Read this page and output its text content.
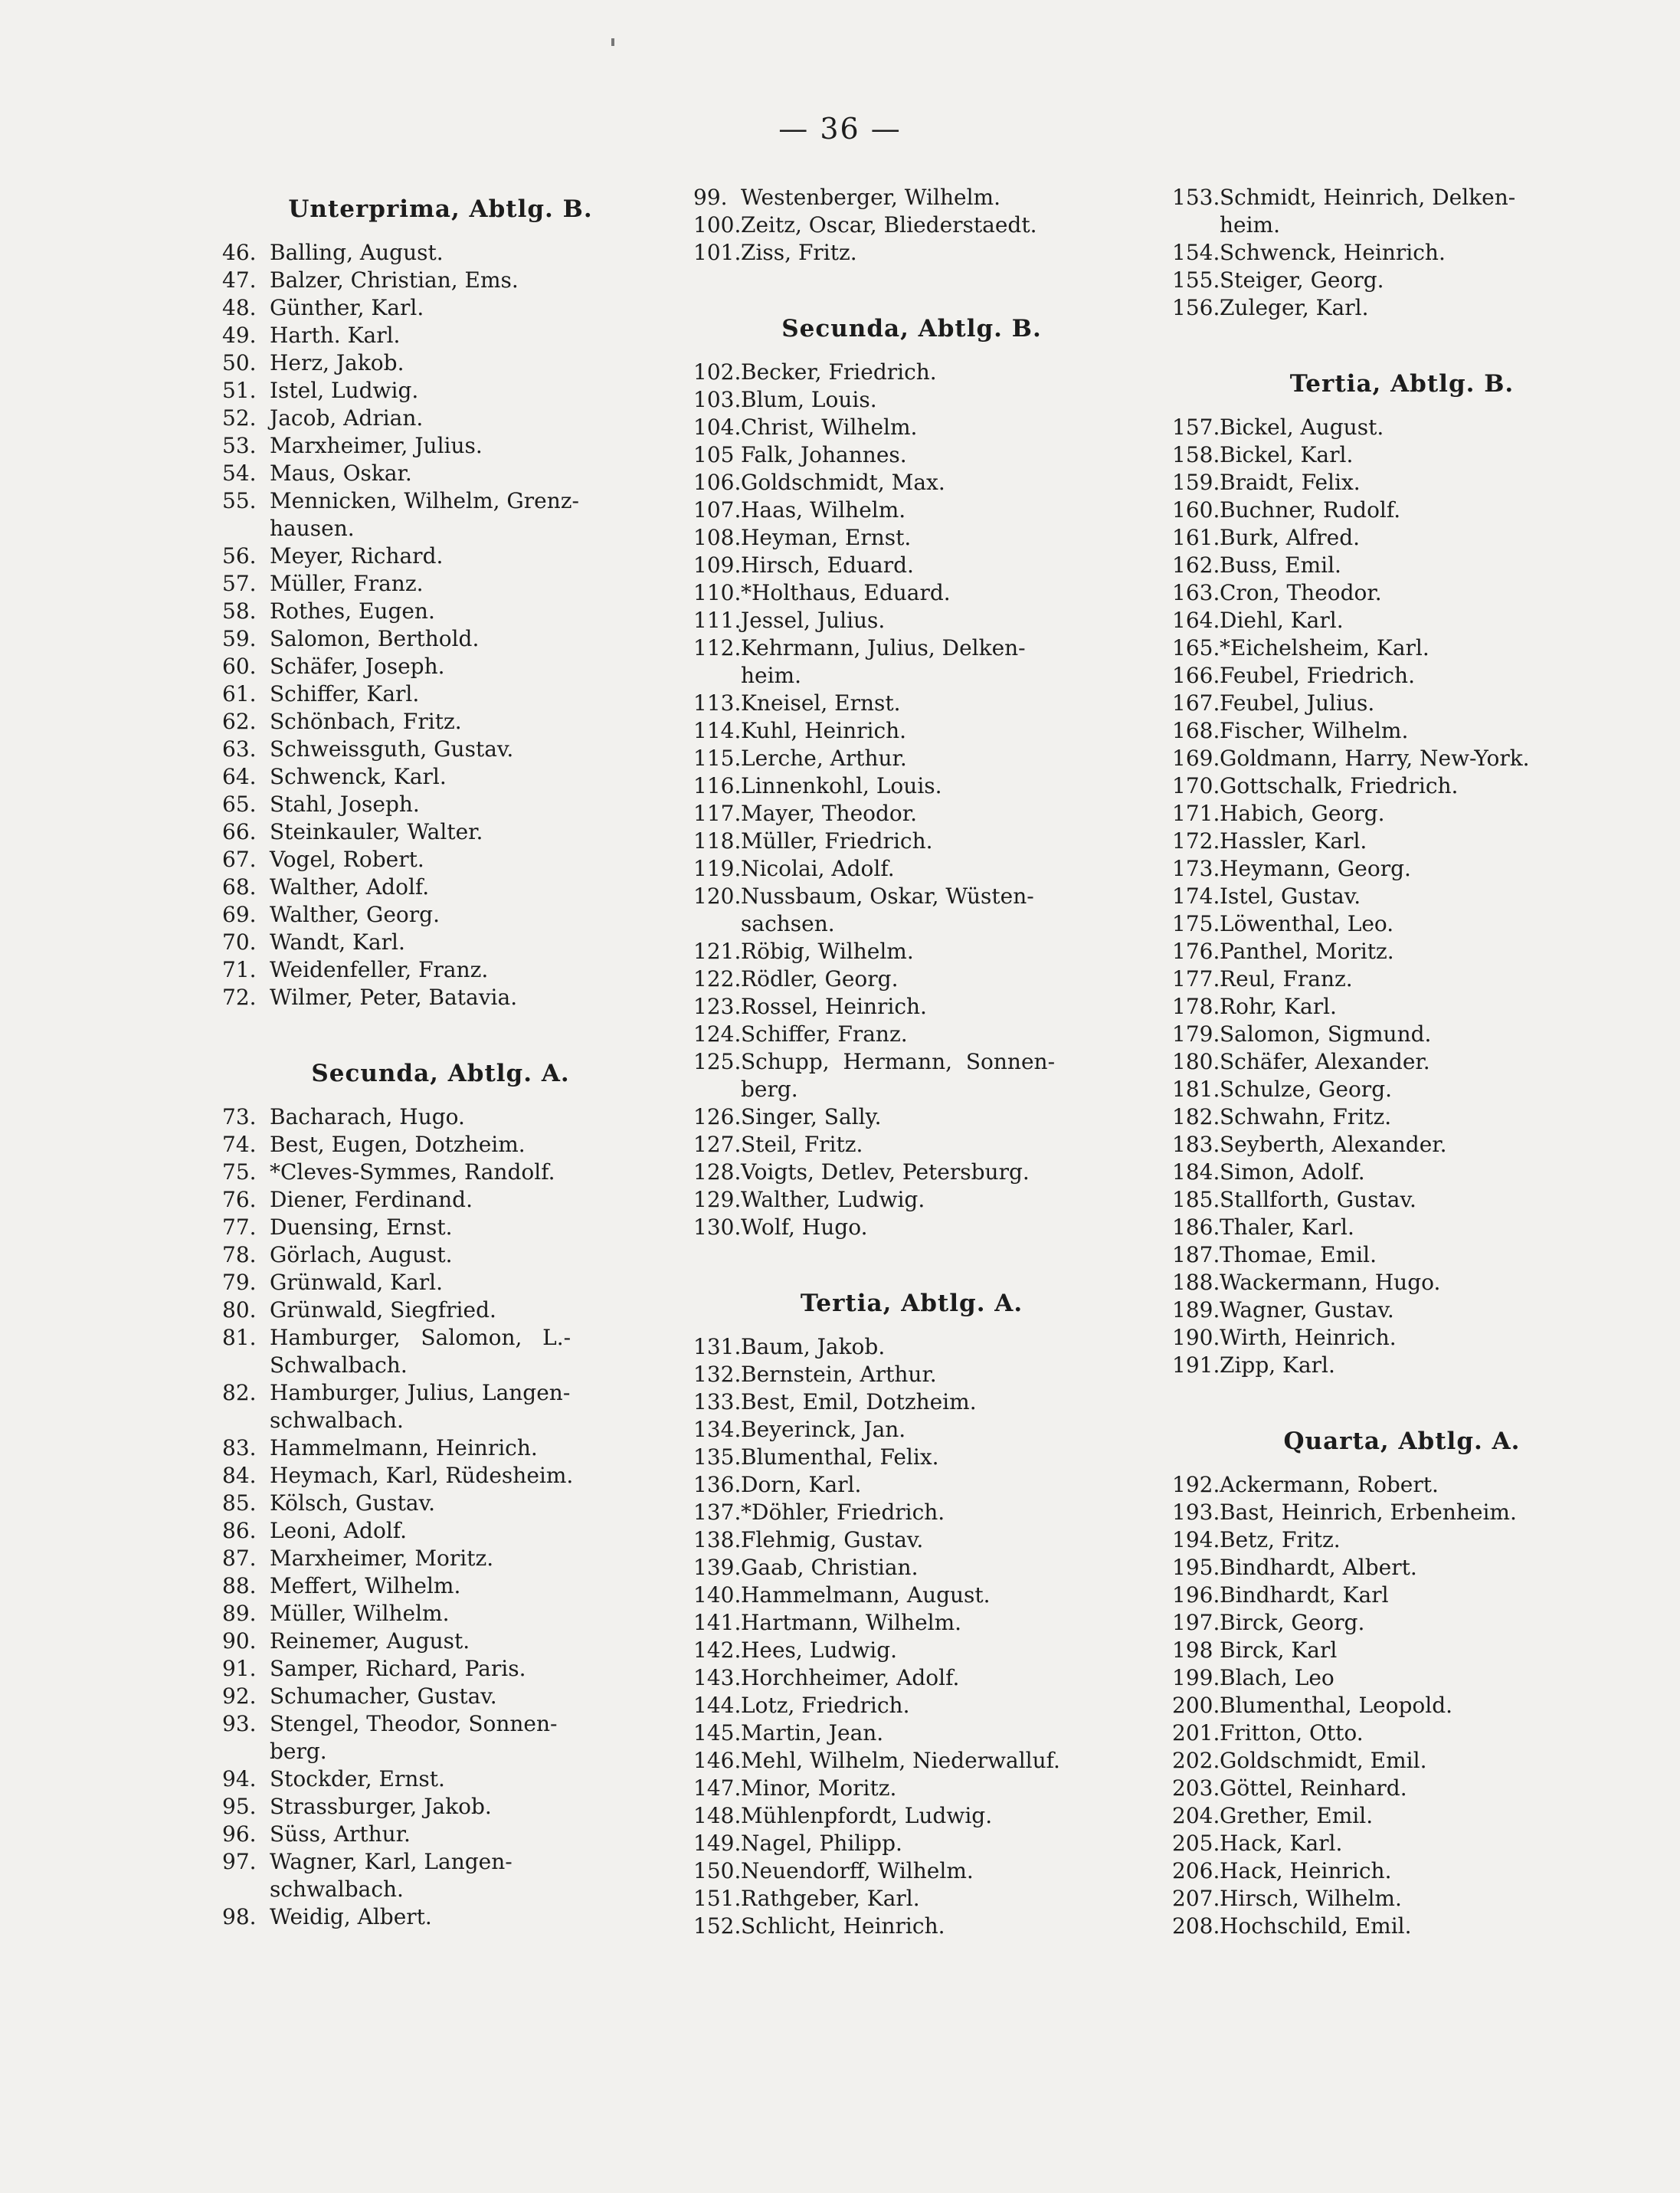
— 36 —
Unterprima, Abtlg. B.
46. Balling, August.
47. Balzer, Christian, Ems.
48. Günther, Karl.
49. Harth. Karl.
50. Herz, Jakob.
51. Istel, Ludwig.
52. Jacob, Adrian.
53. Marxheimer, Julius.
54. Maus, Oskar.
55. Mennicken, Wilhelm, Grenz-
hausen.
56. Meyer, Richard.
57. Müller, Franz.
58. Rothes, Eugen.
59. Salomon, Berthold.
60. Schäfer, Joseph.
61. Schiffer, Karl.
62. Schönbach, Fritz.
63. Schweissguth, Gustav.
64. Schwenck, Karl.
65. Stahl, Joseph.
66. Steinkauler, Walter.
67. Vogel, Robert.
68. Walther, Adolf.
69. Walther, Georg.
70. Wandt, Karl.
71. Weidenfeller, Franz.
72. Wilmer, Peter, Batavia.
Secunda, Abtlg. A.
73. Bacharach, Hugo.
74. Best, Eugen, Dotzheim.
75. *Cleves-Symmes, Randolf.
76. Diener, Ferdinand.
77. Duensing, Ernst.
78. Görlach, August.
79. Grünwald, Karl.
80. Grünwald, Siegfried.
81. Hamburger,   Salomon,   L.-
Schwalbach.
82. Hamburger, Julius, Langen-
schwalbach.
83. Hammelmann, Heinrich.
84. Heymach, Karl, Rüdesheim.
85. Kölsch, Gustav.
86. Leoni, Adolf.
87. Marxheimer, Moritz.
88. Meffert, Wilhelm.
89. Müller, Wilhelm.
90. Reinemer, August.
91. Samper, Richard, Paris.
92. Schumacher, Gustav.
93. Stengel, Theodor, Sonnen-
berg.
94. Stockder, Ernst.
95. Strassburger, Jakob.
96. Süss, Arthur.
97. Wagner, Karl, Langen-
schwalbach.
98. Weidig, Albert.
99. Westenberger, Wilhelm.
100. Zeitz, Oscar, Bliederstaedt.
101. Ziss, Fritz.
Secunda, Abtlg. B.
102. Becker, Friedrich.
103. Blum, Louis.
104. Christ, Wilhelm.
105 Falk, Johannes.
106. Goldschmidt, Max.
107. Haas, Wilhelm.
108. Heyman, Ernst.
109. Hirsch, Eduard.
110. *Holthaus, Eduard.
111. Jessel, Julius.
112. Kehrmann, Julius, Delken-
heim.
113. Kneisel, Ernst.
114. Kuhl, Heinrich.
115. Lerche, Arthur.
116. Linnenkohl, Louis.
117. Mayer, Theodor.
118. Müller, Friedrich.
119. Nicolai, Adolf.
120. Nussbaum, Oskar, Wüsten-
sachsen.
121. Röbig, Wilhelm.
122. Rödler, Georg.
123. Rossel, Heinrich.
124. Schiffer, Franz.
125. Schupp,  Hermann,  Sonnen-
berg.
126. Singer, Sally.
127. Steil, Fritz.
128. Voigts, Detlev, Petersburg.
129. Walther, Ludwig.
130. Wolf, Hugo.
Tertia, Abtlg. A.
131. Baum, Jakob.
132. Bernstein, Arthur.
133. Best, Emil, Dotzheim.
134. Beyerinck, Jan.
135. Blumenthal, Felix.
136. Dorn, Karl.
137. *Döhler, Friedrich.
138. Flehmig, Gustav.
139. Gaab, Christian.
140. Hammelmann, August.
141. Hartmann, Wilhelm.
142. Hees, Ludwig.
143. Horchheimer, Adolf.
144. Lotz, Friedrich.
145. Martin, Jean.
146. Mehl, Wilhelm, Niederwalluf.
147. Minor, Moritz.
148. Mühlenpfordt, Ludwig.
149. Nagel, Philipp.
150. Neuendorff, Wilhelm.
151. Rathgeber, Karl.
152. Schlicht, Heinrich.
153. Schmidt, Heinrich, Delken-
heim.
154. Schwenck, Heinrich.
155. Steiger, Georg.
156. Zuleger, Karl.
Tertia, Abtlg. B.
157. Bickel, August.
158. Bickel, Karl.
159. Braidt, Felix.
160. Buchner, Rudolf.
161. Burk, Alfred.
162. Buss, Emil.
163. Cron, Theodor.
164. Diehl, Karl.
165. *Eichelsheim, Karl.
166. Feubel, Friedrich.
167. Feubel, Julius.
168. Fischer, Wilhelm.
169. Goldmann, Harry, New-York.
170. Gottschalk, Friedrich.
171. Habich, Georg.
172. Hassler, Karl.
173. Heymann, Georg.
174. Istel, Gustav.
175. Löwenthal, Leo.
176. Panthel, Moritz.
177. Reul, Franz.
178. Rohr, Karl.
179. Salomon, Sigmund.
180. Schäfer, Alexander.
181. Schulze, Georg.
182. Schwahn, Fritz.
183. Seyberth, Alexander.
184. Simon, Adolf.
185. Stallforth, Gustav.
186. Thaler, Karl.
187. Thomae, Emil.
188. Wackermann, Hugo.
189. Wagner, Gustav.
190. Wirth, Heinrich.
191. Zipp, Karl.
Quarta, Abtlg. A.
192. Ackermann, Robert.
193. Bast, Heinrich, Erbenheim.
194. Betz, Fritz.
195. Bindhardt, Albert.
196. Bindhardt, Karl
197. Birck, Georg.
198 Birck, Karl
199. Blach, Leo
200. Blumenthal, Leopold.
201. Fritton, Otto.
202. Goldschmidt, Emil.
203. Göttel, Reinhard.
204. Grether, Emil.
205. Hack, Karl.
206. Hack, Heinrich.
207. Hirsch, Wilhelm.
208. Hochschild, Emil.
